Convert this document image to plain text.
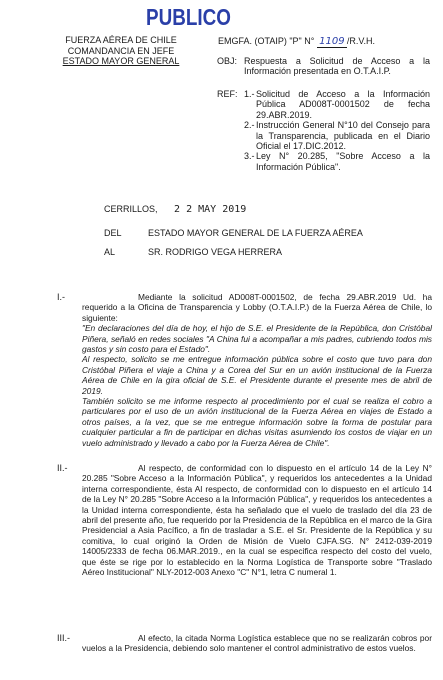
PUBLICO
FUERZA AÉREA DE CHILE
COMANDANCIA EN JEFE
ESTADO MAYOR GENERAL
EMGFA. (OTAIP) "P" N° 1109 /R.V.H.
OBJ: Respuesta a Solicitud de Acceso a la Información presentada en O.T.A.I.P.
REF: 1.- Solicitud de Acceso a la Información Pública AD008T-0001502 de fecha 29.ABR.2019.
2.- Instrucción General N°10 del Consejo para la Transparencia, publicada en el Diario Oficial el 17.DIC.2012.
3.- Ley N° 20.285, "Sobre Acceso a la Información Pública".
CERRILLOS, 2 2 MAY 2019
DEL	ESTADO MAYOR GENERAL DE LA FUERZA AÉREA
AL	SR. RODRIGO VEGA HERRERA
I.-	Mediante la solicitud AD008T-0001502, de fecha 29.ABR.2019 Ud. ha requerido a la Oficina de Transparencia y Lobby (O.T.A.I.P.) de la Fuerza Aérea de Chile, lo siguiente:
"En declaraciones del día de hoy, el hijo de S.E. el Presidente de la República, don Cristóbal Piñera, señaló en redes sociales "A China fui a acompañar a mis padres, cubriendo todos mis gastos y sin costo para el Estado".
Al respecto, solicito se me entregue información pública sobre el costo que tuvo para don Cristóbal Piñera el viaje a China y a Corea del Sur en un avión institucional de la Fuerza Aérea de Chile en la gira oficial de S.E. el Presidente durante el presente mes de abril de 2019.
También solicito se me informe respecto al procedimiento por el cual se realiza el cobro a particulares por el uso de un avión institucional de la Fuerza Aérea en viajes de Estado a otros países, a la vez, que se me entregue información sobre la forma de postular para cualquier particular a fin de participar en dichas visitas asumiendo los costos de viajar en un vuelo administrado y llevado a cabo por la Fuerza Aérea de Chile".
II.-	Al respecto, de conformidad con lo dispuesto en el artículo 14 de la Ley N° 20.285 "Sobre Acceso a la Información Pública", y requeridos los antecedentes a la Unidad interna correspondiente, ésta Al respecto, de conformidad con lo dispuesto en el artículo 14 de la Ley N° 20.285 "Sobre Acceso a la Información Pública", y requeridos los antecedentes a la Unidad interna correspondiente, ésta ha señalado que el vuelo de traslado del día 23 de abril del presente año, fue requerido por la Presidencia de la República en el marco de la Gira Presidencial a Asia Pacífico, a fin de trasladar a S.E. el Sr. Presidente de la República y su comitiva, lo cual originó la Orden de Misión de Vuelo CJFA.SG. N° 2412-039-2019 14005/2333 de fecha 06.MAR.2019., en la cual se especifica respecto del costo del vuelo, que éste se rige por lo establecido en la Norma Logística de Transporte sobre "Traslado Aéreo Institucional" NLY-2012-003 Anexo "C" N°1, letra C numeral 1.
III.-	Al efecto, la citada Norma Logística establece que no se realizarán cobros por vuelos a la Presidencia, debiendo solo mantener el control administrativo de estos vuelos.
